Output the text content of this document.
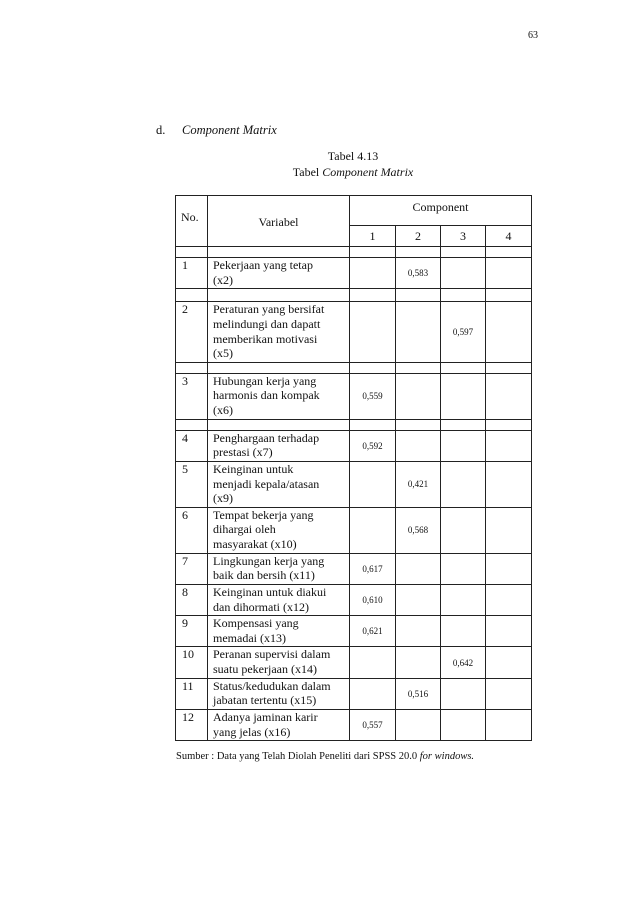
63
d. Component Matrix
Tabel 4.13
Tabel Component Matrix
No.	Variabel	Component			
		1	2	3	4

1	Pekerjaan yang tetap
(x2)		0,583		

2	Peraturan yang bersifat
melindungi dan dapatt
memberikan motivasi
(x5)			0,597	

3	Hubungan kerja yang
harmonis dan kompak
(x6)	0,559			

4	Penghargaan terhadap
prestasi (x7)	0,592			
5	Keinginan untuk
menjadi kepala/atasan
(x9)		0,421		
6	Tempat bekerja yang
dihargai oleh
masyarakat (x10)		0,568		
7	Lingkungan kerja yang
baik dan bersih (x11)	0,617			
8	Keinginan untuk diakui
dan dihormati (x12)	0,610			
9	Kompensasi yang
memadai (x13)	0,621			
10	Peranan supervisi dalam
suatu pekerjaan (x14)			0,642	
11	Status/kedudukan dalam
jabatan tertentu (x15)		0,516		
12	Adanya jaminan karir
yang jelas (x16)	0,557			
Sumber : Data yang Telah Diolah Peneliti dari SPSS 20.0 for windows.
